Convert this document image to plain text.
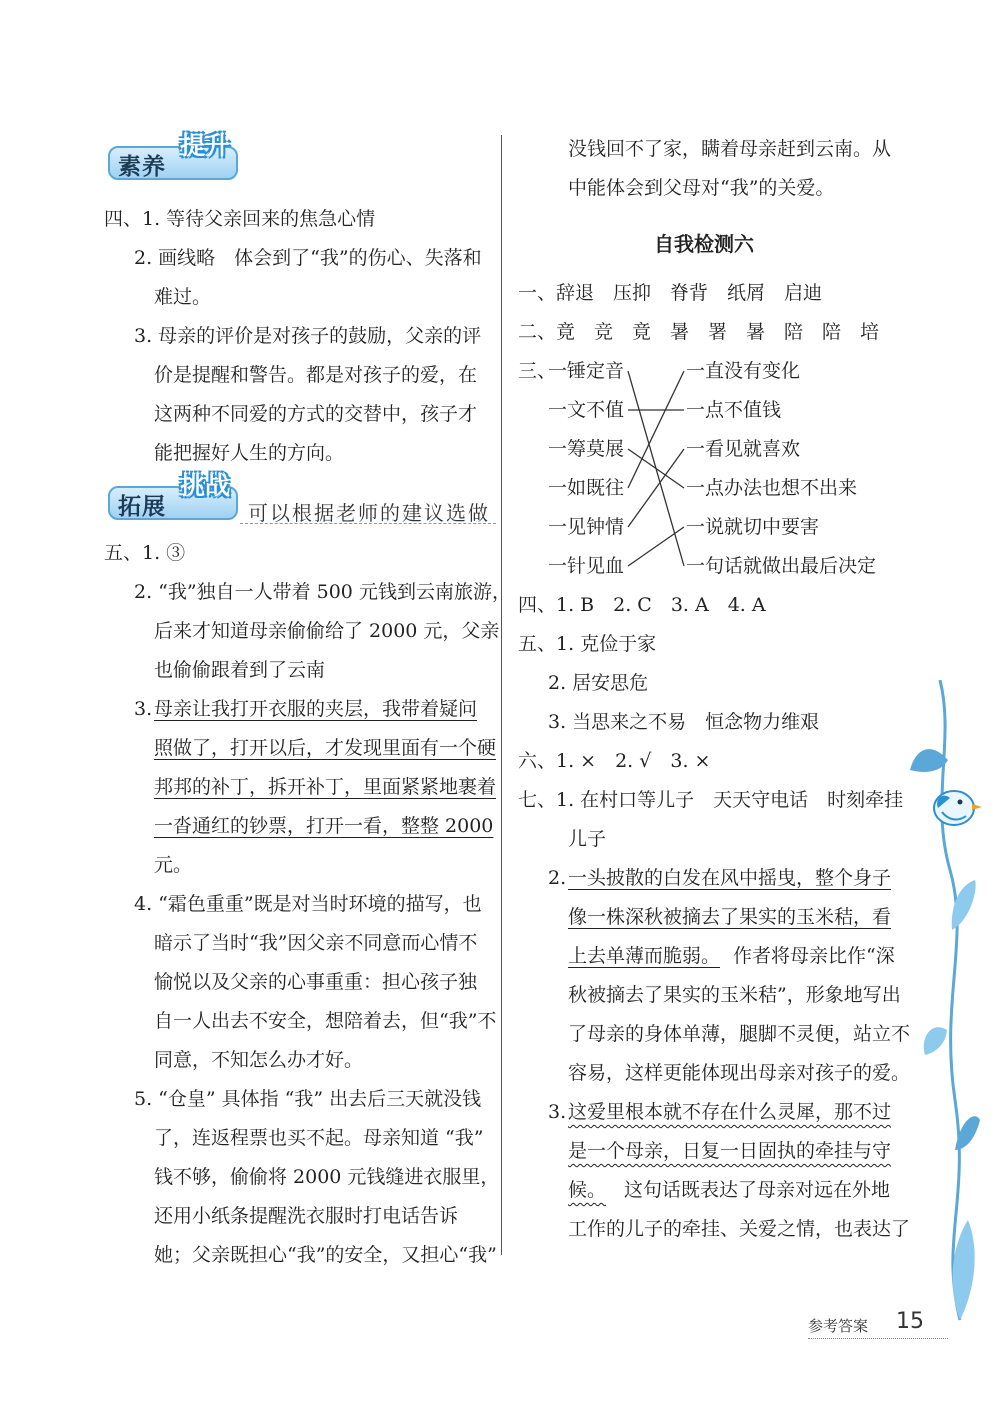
素养
提升
四、1. 等待父亲回来的焦急心情
2. 画线略　体会到了“我”的伤心、失落和
难过。
3. 母亲的评价是对孩子的鼓励，父亲的评
价是提醒和警告。都是对孩子的爱，在
这两种不同爱的方式的交替中，孩子才
能把握好人生的方向。
拓展
挑战
可以根据老师的建议选做
五、1. ③
2. “我”独自一人带着 500 元钱到云南旅游，
后来才知道母亲偷偷给了 2000 元，父亲
也偷偷跟着到了云南
3. 母亲让我打开衣服的夹层，我带着疑问
照做了，打开以后，才发现里面有一个硬
邦邦的补丁，拆开补丁，里面紧紧地裹着
一沓通红的钞票，打开一看，整整 2000
元。
4. “霜色重重”既是对当时环境的描写，也
暗示了当时“我”因父亲不同意而心情不
愉悦以及父亲的心事重重：担心孩子独
自一人出去不安全，想陪着去，但“我”不
同意，不知怎么办才好。
5. “仓皇” 具体指 “我” 出去后三天就没钱
了，连返程票也买不起。母亲知道 “我”
钱不够，偷偷将 2000 元钱缝进衣服里，
还用小纸条提醒洗衣服时打电话告诉
她；父亲既担心“我”的安全，又担心“我”
没钱回不了家，瞒着母亲赶到云南。从
中能体会到父母对“我”的关爱。
自我检测六
一、辞退　压抑　脊背　纸屑　启迪
二、竟　竞　竟　暑　署　暑　陪　陪　培
三、
一锤定音
一文不值
一筹莫展
一如既往
一见钟情
一针见血
一直没有变化
一点不值钱
一看见就喜欢
一点办法也想不出来
一说就切中要害
一句话就做出最后决定
四、1. B　2. C　3. A　4. A
五、1. 克俭于家
2. 居安思危
3. 当思来之不易　恒念物力维艰
六、1. ×　2. √　3. ×
七、1. 在村口等儿子　天天守电话　时刻牵挂
儿子
2. 一头披散的白发在风中摇曳，整个身子
像一株深秋被摘去了果实的玉米秸，看
上去单薄而脆弱。 作者将母亲比作“深
秋被摘去了果实的玉米秸”，形象地写出
了母亲的身体单薄，腿脚不灵便，站立不
容易，这样更能体现出母亲对孩子的爱。
3. 这爱里根本就不存在什么灵犀，那不过
是一个母亲，日复一日固执的牵挂与守
候。 这句话既表达了母亲对远在外地
工作的儿子的牵挂、关爱之情，也表达了
参考答案 15
